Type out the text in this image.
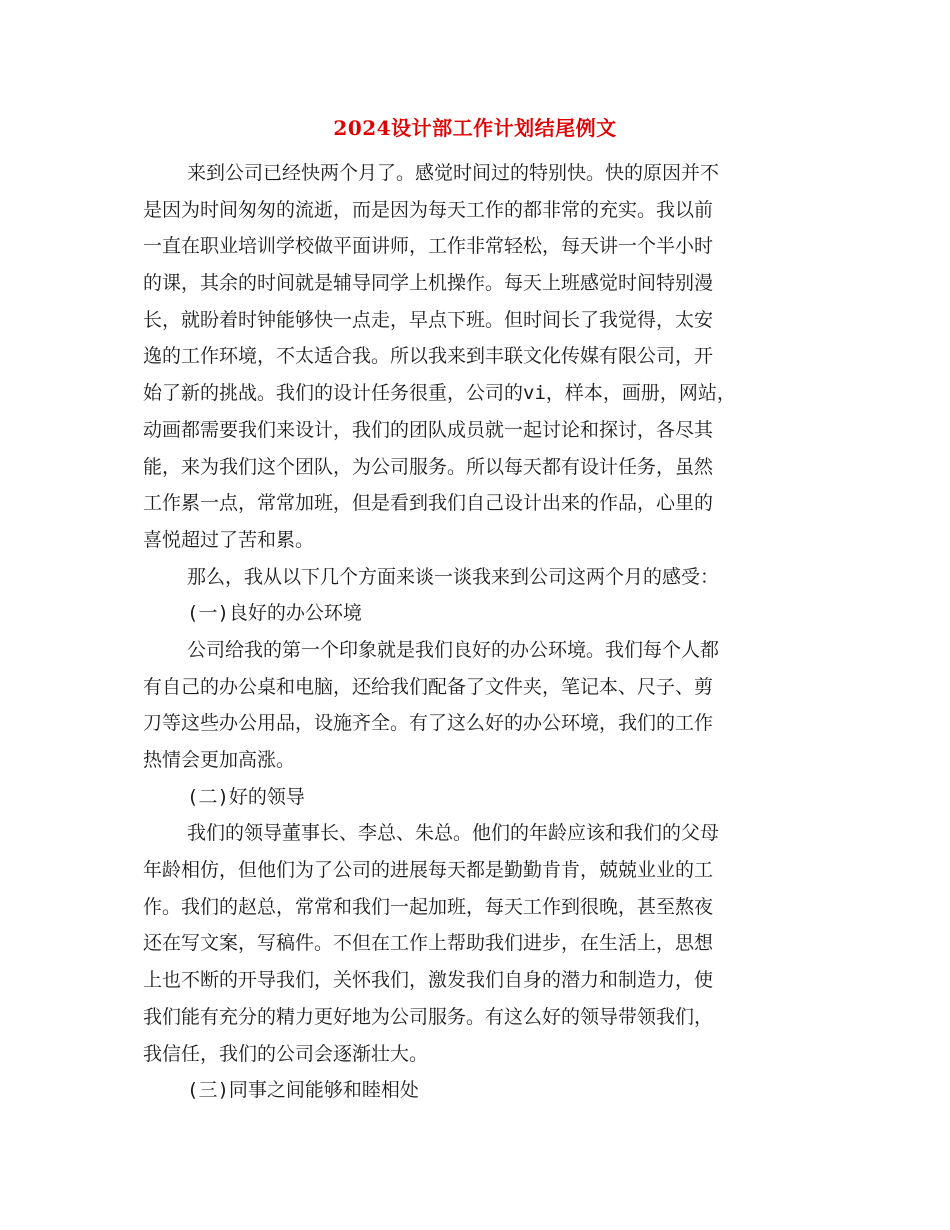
2024设计部工作计划结尾例文
来到公司已经快两个月了。感觉时间过的特别快。快的原因并不
是因为时间匆匆的流逝，而是因为每天工作的都非常的充实。我以前
一直在职业培训学校做平面讲师，工作非常轻松，每天讲一个半小时
的课，其余的时间就是辅导同学上机操作。每天上班感觉时间特别漫
长，就盼着时钟能够快一点走，早点下班。但时间长了我觉得，太安
逸的工作环境，不太适合我。所以我来到丰联文化传媒有限公司，开
始了新的挑战。我们的设计任务很重，公司的vi，样本，画册，网站，
动画都需要我们来设计，我们的团队成员就一起讨论和探讨，各尽其
能，来为我们这个团队，为公司服务。所以每天都有设计任务，虽然
工作累一点，常常加班，但是看到我们自己设计出来的作品，心里的
喜悦超过了苦和累。
那么，我从以下几个方面来谈一谈我来到公司这两个月的感受：
(一)良好的办公环境
公司给我的第一个印象就是我们良好的办公环境。我们每个人都
有自己的办公桌和电脑，还给我们配备了文件夹，笔记本、尺子、剪
刀等这些办公用品，设施齐全。有了这么好的办公环境，我们的工作
热情会更加高涨。
(二)好的领导
我们的领导董事长、李总、朱总。他们的年龄应该和我们的父母
年龄相仿，但他们为了公司的进展每天都是勤勤肯肯，兢兢业业的工
作。我们的赵总，常常和我们一起加班，每天工作到很晚，甚至熬夜
还在写文案，写稿件。不但在工作上帮助我们进步，在生活上，思想
上也不断的开导我们，关怀我们，激发我们自身的潜力和制造力，使
我们能有充分的精力更好地为公司服务。有这么好的领导带领我们，
我信任，我们的公司会逐渐壮大。
(三)同事之间能够和睦相处
